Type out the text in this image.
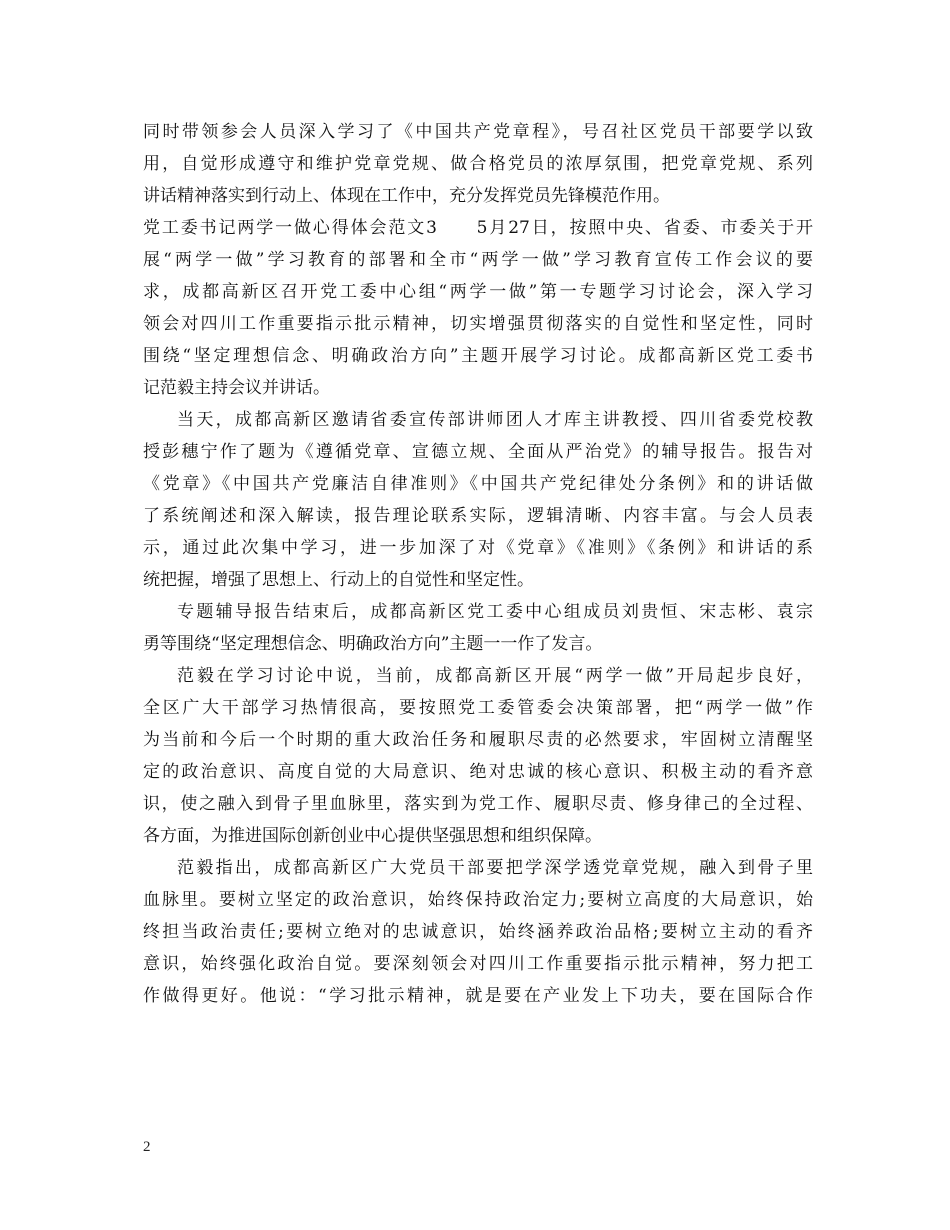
同时带领参会人员深入学习了《中国共产党章程》，号召社区党员干部要学以致
用，自觉形成遵守和维护党章党规、做合格党员的浓厚氛围，把党章党规、系列
讲话精神落实到行动上、体现在工作中，充分发挥党员先锋模范作用。
党工委书记两学一做心得体会范文3　　5月27日，按照中央、省委、市委关于开
展“两学一做”学习教育的部署和全市“两学一做”学习教育宣传工作会议的要
求，成都高新区召开党工委中心组“两学一做”第一专题学习讨论会，深入学习
领会对四川工作重要指示批示精神，切实增强贯彻落实的自觉性和坚定性，同时
围绕“坚定理想信念、明确政治方向”主题开展学习讨论。成都高新区党工委书
记范毅主持会议并讲话。
当天，成都高新区邀请省委宣传部讲师团人才库主讲教授、四川省委党校教
授彭穗宁作了题为《遵循党章、宣德立规、全面从严治党》的辅导报告。报告对
《党章》《中国共产党廉洁自律准则》《中国共产党纪律处分条例》和的讲话做
了系统阐述和深入解读，报告理论联系实际，逻辑清晰、内容丰富。与会人员表
示，通过此次集中学习，进一步加深了对《党章》《准则》《条例》和讲话的系
统把握，增强了思想上、行动上的自觉性和坚定性。
专题辅导报告结束后，成都高新区党工委中心组成员刘贵恒、宋志彬、袁宗
勇等围绕“坚定理想信念、明确政治方向”主题一一作了发言。
范毅在学习讨论中说，当前，成都高新区开展“两学一做”开局起步良好，
全区广大干部学习热情很高，要按照党工委管委会决策部署，把“两学一做”作
为当前和今后一个时期的重大政治任务和履职尽责的必然要求，牢固树立清醒坚
定的政治意识、高度自觉的大局意识、绝对忠诚的核心意识、积极主动的看齐意
识，使之融入到骨子里血脉里，落实到为党工作、履职尽责、修身律己的全过程、
各方面，为推进国际创新创业中心提供坚强思想和组织保障。
范毅指出，成都高新区广大党员干部要把学深学透党章党规，融入到骨子里
血脉里。要树立坚定的政治意识，始终保持政治定力;要树立高度的大局意识，始
终担当政治责任;要树立绝对的忠诚意识，始终涵养政治品格;要树立主动的看齐
意识，始终强化政治自觉。要深刻领会对四川工作重要指示批示精神，努力把工
作做得更好。他说：“学习批示精神，就是要在产业发上下功夫，要在国际合作
2
